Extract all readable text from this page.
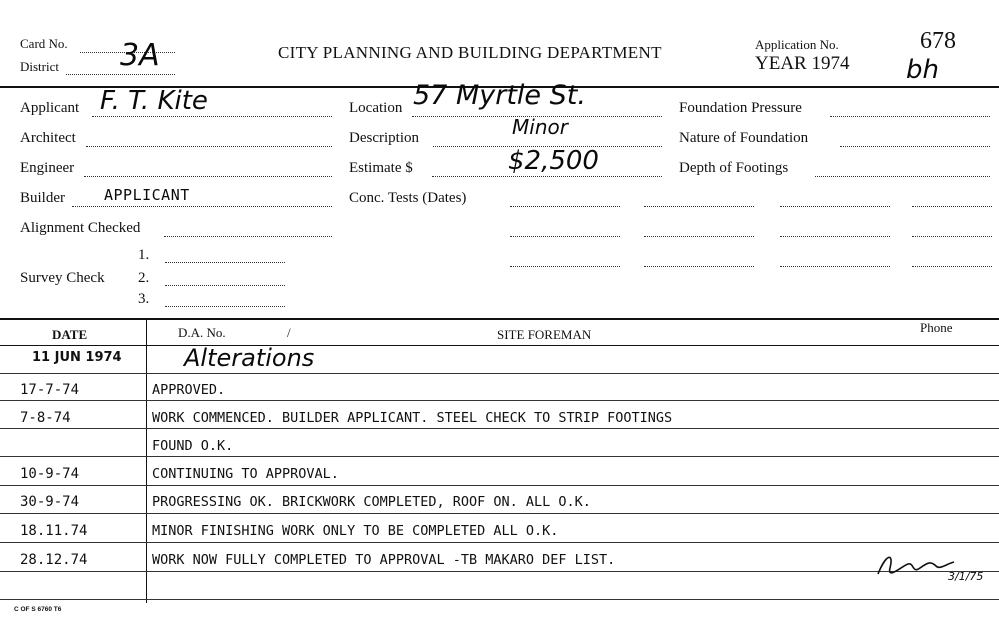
Card No. 3A
District
CITY PLANNING AND BUILDING DEPARTMENT	Application No.
YEAR 1974
678
bh
Applicant F. T. Kite
Architect
Engineer
Builder	APPLICANT
Alignment Checked
Survey Check
1.
2.
3.
Location 57 Myrtle St.
Description	Minor
Estimate $	$2,500
Conc. Tests (Dates)
Foundation Pressure
Nature of Foundation
Depth of Footings
DATE	D.A. No.	/	SITE FOREMAN	Phone
11 JUN 1974	Alterations
17-7-74	APPROVED.
7-8-74	WORK COMMENCED. BUILDER APPLICANT. STEEL CHECK TO STRIP FOOTINGS
FOUND O.K.
10-9-74	CONTINUING TO APPROVAL.
30-9-74	PROGRESSING OK. BRICKWORK COMPLETED, ROOF ON. ALL O.K.
18.11.74	MINOR FINISHING WORK ONLY TO BE COMPLETED ALL O.K.
28.12.74	WORK NOW FULLY COMPLETED TO APPROVAL -TB MAKARO DEF LIST.
3/1/75
C OF S 6760 T6
